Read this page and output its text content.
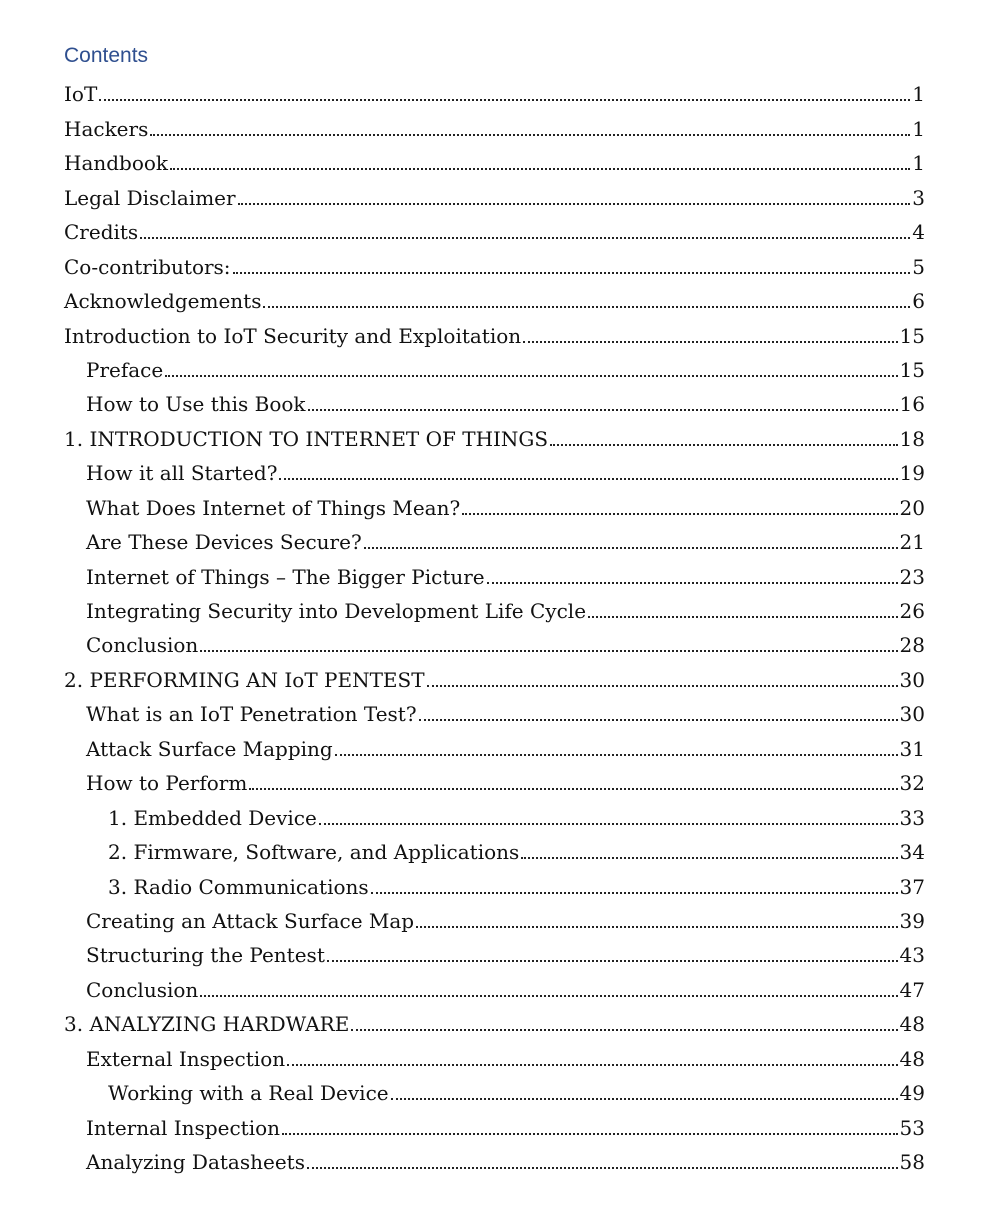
Contents
IoT	1
Hackers	1
Handbook	1
Legal Disclaimer	3
Credits	4
Co-contributors:	5
Acknowledgements	6
Introduction to IoT Security and Exploitation	15
Preface	15
How to Use this Book	16
1. INTRODUCTION TO INTERNET OF THINGS	18
How it all Started?	19
What Does Internet of Things Mean?	20
Are These Devices Secure?	21
Internet of Things – The Bigger Picture	23
Integrating Security into Development Life Cycle	26
Conclusion	28
2. PERFORMING AN IoT PENTEST	30
What is an IoT Penetration Test?	30
Attack Surface Mapping	31
How to Perform	32
1. Embedded Device	33
2. Firmware, Software, and Applications	34
3. Radio Communications	37
Creating an Attack Surface Map	39
Structuring the Pentest	43
Conclusion	47
3. ANALYZING HARDWARE	48
External Inspection	48
Working with a Real Device	49
Internal Inspection	53
Analyzing Datasheets	58
